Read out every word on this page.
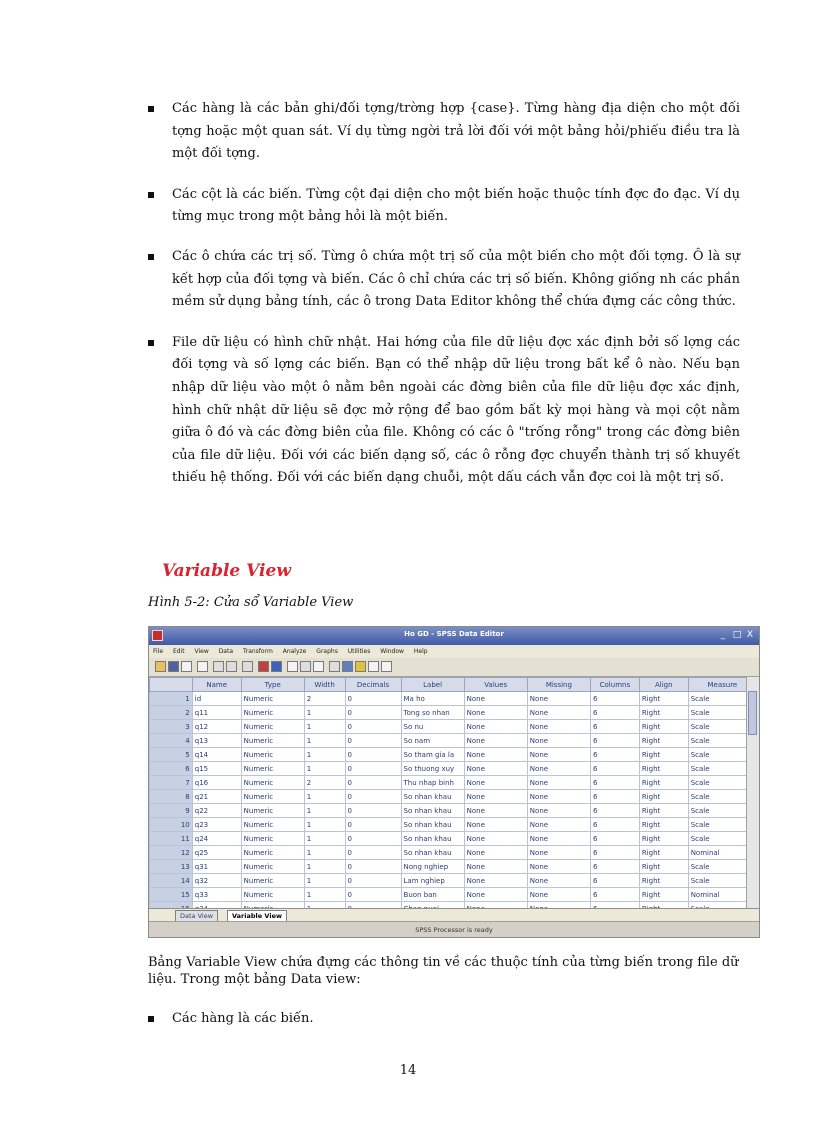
Các hàng là các bản ghi/đối tợng/trờng hợp {case}. Từng hàng địa diện cho một đối tợng hoặc một quan sát. Ví dụ từng ngời trả lời đối với một bảng hỏi/phiếu điều tra là một đối tợng.
Các cột là các biến. Từng cột đại diện cho một biến hoặc thuộc tính đợc đo đạc. Ví dụ từng mục trong một bảng hỏi là một biến.
Các ô chứa các trị số. Từng ô chứa một trị số của một biến cho một đối tợng. Ô là sự kết hợp của đối tợng và biến. Các ô chỉ chứa các trị số biến. Không giống nh các phần mềm sử dụng bảng tính, các ô trong Data Editor không thể chứa đựng các công thức.
File dữ liệu có hình chữ nhật. Hai hớng của file dữ liệu đợc xác định bởi số lợng các đối tợng và số lợng các biến. Bạn có thể nhập dữ liệu trong bất kể ô nào. Nếu bạn nhập dữ liệu vào một ô nằm bên ngoài các đờng biên của file dữ liệu đợc xác định, hình chữ nhật dữ liệu sẽ đợc mở rộng để bao gồm bất kỳ mọi hàng và mọi cột nằm giữa ô đó và các đờng biên của file. Không có các ô "trống rỗng" trong các đờng biên của file dữ liệu. Đối với các biến dạng số, các ô rỗng đợc chuyển thành trị số khuyết thiếu hệ thống. Đối với các biến dạng chuỗi, một dấu cách vẫn đợc coi là một trị số.
Variable View
Hình 5-2: Cửa sổ Variable View
Ho GD - SPSS Data Editor	_ □ X
File Edit View Data Transform Analyze Graphs Utilities Window Help
	Name	Type	Width	Decimals	Label	Values	Missing	Columns	Align	Measure
1	id	Numeric	2	0	Ma ho	None	None	6	Right	Scale
2	q11	Numeric	1	0	Tong so nhan	None	None	6	Right	Scale
3	q12	Numeric	1	0	So nu	None	None	6	Right	Scale
4	q13	Numeric	1	0	So nam	None	None	6	Right	Scale
5	q14	Numeric	1	0	So tham gia la	None	None	6	Right	Scale
6	q15	Numeric	1	0	So thuong xuy	None	None	6	Right	Scale
7	q16	Numeric	2	0	Thu nhap binh	None	None	6	Right	Scale
8	q21	Numeric	1	0	So nhan khau	None	None	6	Right	Scale
9	q22	Numeric	1	0	So nhan khau	None	None	6	Right	Scale
10	q23	Numeric	1	0	So nhan khau	None	None	6	Right	Scale
11	q24	Numeric	1	0	So nhan khau	None	None	6	Right	Scale
12	q25	Numeric	1	0	So nhan khau	None	None	6	Right	Nominal
13	q31	Numeric	1	0	Nong nghiep	None	None	6	Right	Scale
14	q32	Numeric	1	0	Lam nghiep	None	None	6	Right	Scale
15	q33	Numeric	1	0	Buon ban	None	None	6	Right	Nominal

Data View	Variable View
SPSS Processor is ready
Bảng Variable View chứa đựng các thông tin về các thuộc tính của từng biến trong file dữ liệu. Trong một bảng Data view:
Các hàng là các biến.
14
